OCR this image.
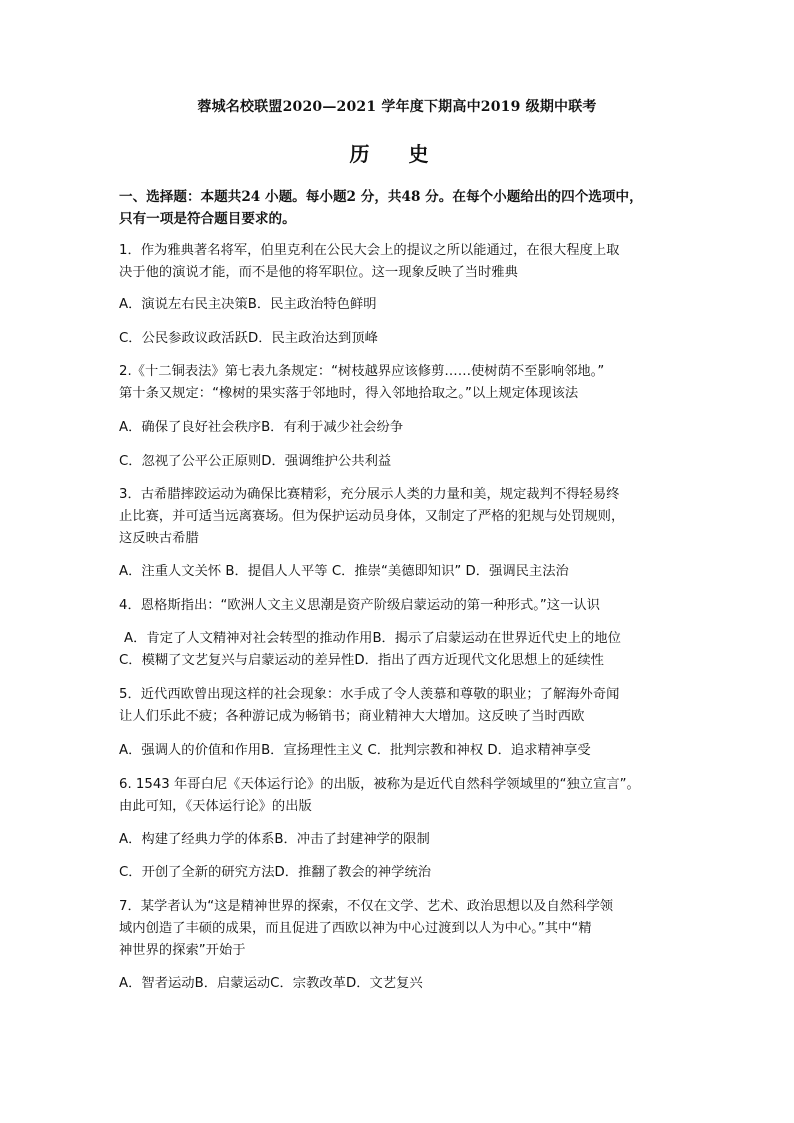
蓉城名校联盟2020—2021 学年度下期高中2019 级期中联考
历 史
一、选择题：本题共24 小题。每小题2 分，共48 分。在每个小题给出的四个选项中，
只有一项是符合题目要求的。
1．作为雅典著名将军，伯里克利在公民大会上的提议之所以能通过，在很大程度上取
决于他的演说才能，而不是他的将军职位。这一现象反映了当时雅典
A．演说左右民主决策B．民主政治特色鲜明
C．公民参政议政活跃D．民主政治达到顶峰
2.《十二铜表法》第七表九条规定：“树枝越界应该修剪……使树荫不至影响邻地。”
第十条又规定：“橡树的果实落于邻地时，得入邻地拾取之。”以上规定体现该法
A．确保了良好社会秩序B．有利于减少社会纷争
C．忽视了公平公正原则D．强调维护公共利益
3．古希腊摔跤运动为确保比赛精彩，充分展示人类的力量和美，规定裁判不得轻易终
止比赛，并可适当远离赛场。但为保护运动员身体，又制定了严格的犯规与处罚规则，
这反映古希腊
A．注重人文关怀 B．提倡人人平等 C．推崇“美德即知识” D．强调民主法治
4．恩格斯指出：“欧洲人文主义思潮是资产阶级启蒙运动的第一种形式。”这一认识
A．肯定了人文精神对社会转型的推动作用B．揭示了启蒙运动在世界近代史上的地位
C．模糊了文艺复兴与启蒙运动的差异性D．指出了西方近现代文化思想上的延续性
5．近代西欧曾出现这样的社会现象：水手成了令人羡慕和尊敬的职业；了解海外奇闻
让人们乐此不疲；各种游记成为畅销书；商业精神大大增加。这反映了当时西欧
A．强调人的价值和作用B．宣扬理性主义 C．批判宗教和神权 D．追求精神享受
6. 1543 年哥白尼《天体运行论》的出版，被称为是近代自然科学领域里的“独立宣言”。
由此可知，《天体运行论》的出版
A．构建了经典力学的体系B．冲击了封建神学的限制
C．开创了全新的研究方法D．推翻了教会的神学统治
7．某学者认为“这是精神世界的探索，不仅在文学、艺术、政治思想以及自然科学领
域内创造了丰硕的成果，而且促进了西欧以神为中心过渡到以人为中心。”其中“精
神世界的探索”开始于
A．智者运动B．启蒙运动C．宗教改革D．文艺复兴
